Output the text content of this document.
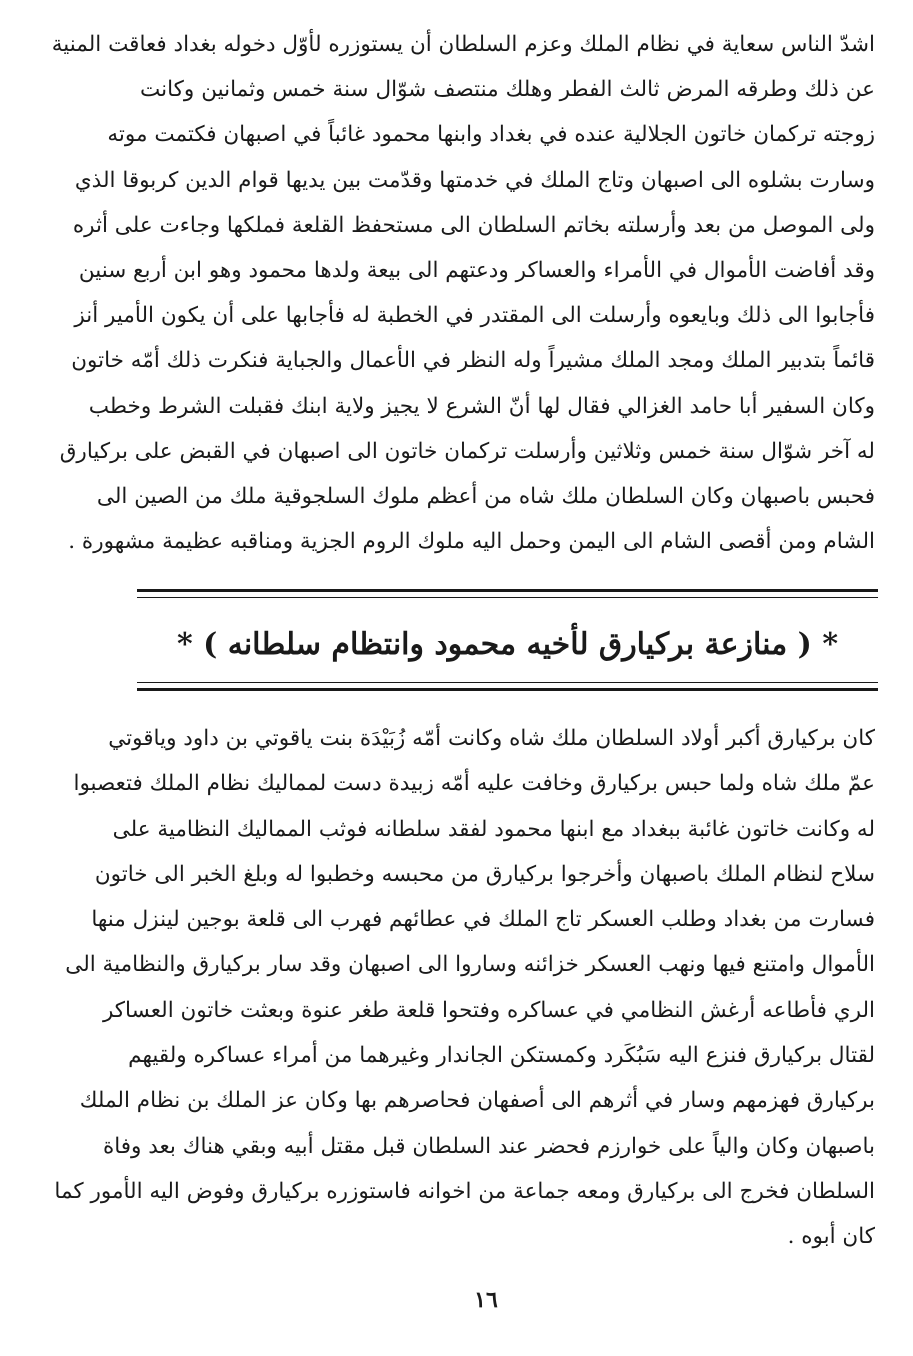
اشدّ الناس سعاية في نظام الملك وعزم السلطان أن يستوزره لأوّل دخوله بغداد فعاقت المنية
عن ذلك وطرقه المرض ثالث الفطر وهلك منتصف شوّال سنة خمس وثمانين وكانت
زوجته تركمان خاتون الجلالية عنده في بغداد وابنها محمود غائباً في اصبهان فكتمت موته
وسارت بشلوه الى اصبهان وتاج الملك في خدمتها وقدّمت بين يديها قوام الدين كربوقا الذي
ولى الموصل من بعد وأرسلته بخاتم السلطان الى مستحفظ القلعة فملكها وجاءت على أثره
وقد أفاضت الأموال في الأمراء والعساكر ودعتهم الى بيعة ولدها محمود وهو ابن أربع سنين
فأجابوا الى ذلك وبايعوه وأرسلت الى المقتدر في الخطبة له فأجابها على أن يكون الأمير أنز
قائماً بتدبير الملك ومجد الملك مشيراً وله النظر في الأعمال والجباية فنكرت ذلك أمّه خاتون
وكان السفير أبا حامد الغزالي فقال لها أنّ الشرع لا يجيز ولاية ابنك فقبلت الشرط وخطب
له آخر شوّال سنة خمس وثلاثين وأرسلت تركمان خاتون الى اصبهان في القبض على بركيارق
فحبس باصبهان وكان السلطان ملك شاه من أعظم ملوك السلجوقية ملك من الصين الى
الشام ومن أقصى الشام الى اليمن وحمل اليه ملوك الروم الجزية ومناقبه عظيمة مشهورة .
* ( منازعة بركيارق لأخيه محمود وانتظام سلطانه ) *
كان بركيارق أكبر أولاد السلطان ملك شاه وكانت أمّه زُبَيْدَة بنت ياقوتي بن داود وياقوتي
عمّ ملك شاه ولما حبس بركيارق وخافت عليه أمّه زبيدة دست لمماليك نظام الملك فتعصبوا
له وكانت خاتون غائبة ببغداد مع ابنها محمود لفقد سلطانه فوثب المماليك النظامية على
سلاح لنظام الملك باصبهان وأخرجوا بركيارق من محبسه وخطبوا له وبلغ الخبر الى خاتون
فسارت من بغداد وطلب العسكر تاج الملك في عطائهم فهرب الى قلعة بوجين لينزل منها
الأموال وامتنع فيها ونهب العسكر خزائنه وساروا الى اصبهان وقد سار بركيارق والنظامية الى
الري فأطاعه أرغش النظامي في عساكره وفتحوا قلعة طغر عنوة وبعثت خاتون العساكر
لقتال بركيارق فنزع اليه سَبُكَرد وكمستكن الجاندار وغيرهما من أمراء عساكره ولقيهم
بركيارق فهزمهم وسار في أثرهم الى أصفهان فحاصرهم بها وكان عز الملك بن نظام الملك
باصبهان وكان والياً على خوارزم فحضر عند السلطان قبل مقتل أبيه وبقي هناك بعد وفاة
السلطان فخرج الى بركيارق ومعه جماعة من اخوانه فاستوزره بركيارق وفوض اليه الأمور كما
كان أبوه .
١٦
